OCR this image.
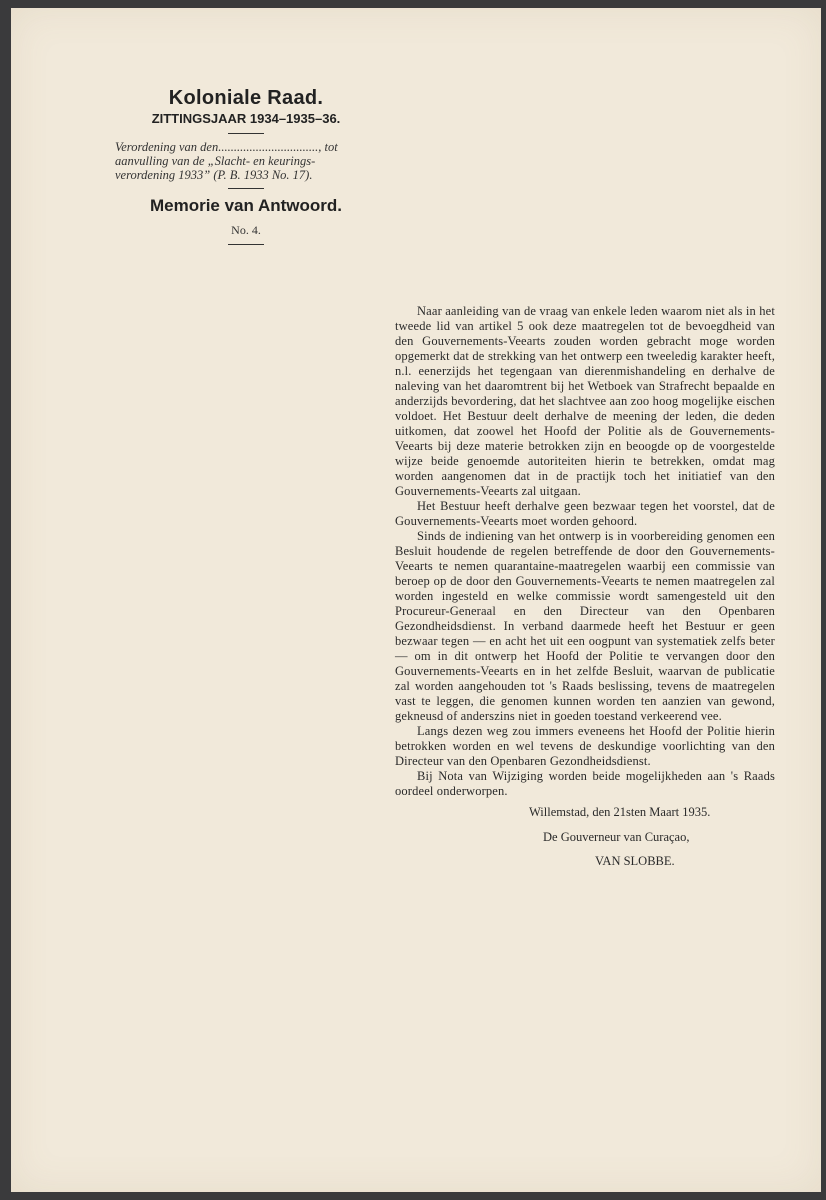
Koloniale Raad.

ZITTINGSJAAR 1934–1935–36.

Verordening van den................................, tot aanvulling van de „Slacht- en keurings-verordening 1933” (P. B. 1933 No. 17).

Memorie van Antwoord.

No. 4.

Naar aanleiding van de vraag van enkele leden waarom niet als in het tweede lid van artikel 5 ook deze maatregelen tot de bevoegdheid van den Gouvernements-Veearts zouden worden gebracht moge worden opgemerkt dat de strekking van het ontwerp een tweeledig karakter heeft, n.l. eenerzijds het tegengaan van dierenmishandeling en derhalve de naleving van het daaromtrent bij het Wetboek van Strafrecht bepaalde en anderzijds bevordering, dat het slachtvee aan zoo hoog mogelijke eischen voldoet. Het Bestuur deelt derhalve de meening der leden, die deden uitkomen, dat zoowel het Hoofd der Politie als de Gouvernements-Veearts bij deze materie betrokken zijn en beoogde op de voorgestelde wijze beide genoemde autoriteiten hierin te betrekken, omdat mag worden aangenomen dat in de practijk toch het initiatief van den Gouvernements-Veearts zal uitgaan.

Het Bestuur heeft derhalve geen bezwaar tegen het voorstel, dat de Gouvernements-Veearts moet worden gehoord.

Sinds de indiening van het ontwerp is in voorbereiding genomen een Besluit houdende de regelen betreffende de door den Gouvernements-Veearts te nemen quarantaine-maatregelen waarbij een commissie van beroep op de door den Gouvernements-Veearts te nemen maatregelen zal worden ingesteld en welke commissie wordt samengesteld uit den Procureur-Generaal en den Directeur van den Openbaren Gezondheidsdienst. In verband daarmede heeft het Bestuur er geen bezwaar tegen — en acht het uit een oogpunt van systematiek zelfs beter — om in dit ontwerp het Hoofd der Politie te vervangen door den Gouvernements-Veearts en in het zelfde Besluit, waarvan de publicatie zal worden aangehouden tot 's Raads beslissing, tevens de maatregelen vast te leggen, die genomen kunnen worden ten aanzien van gewond, gekneusd of anderszins niet in goeden toestand verkeerend vee.

Langs dezen weg zou immers eveneens het Hoofd der Politie hierin betrokken worden en wel tevens de deskundige voorlichting van den Directeur van den Openbaren Gezondheidsdienst.

Bij Nota van Wijziging worden beide mogelijkheden aan 's Raads oordeel onderworpen.

Willemstad, den 21sten Maart 1935.
De Gouverneur van Curaçao,
VAN SLOBBE.
